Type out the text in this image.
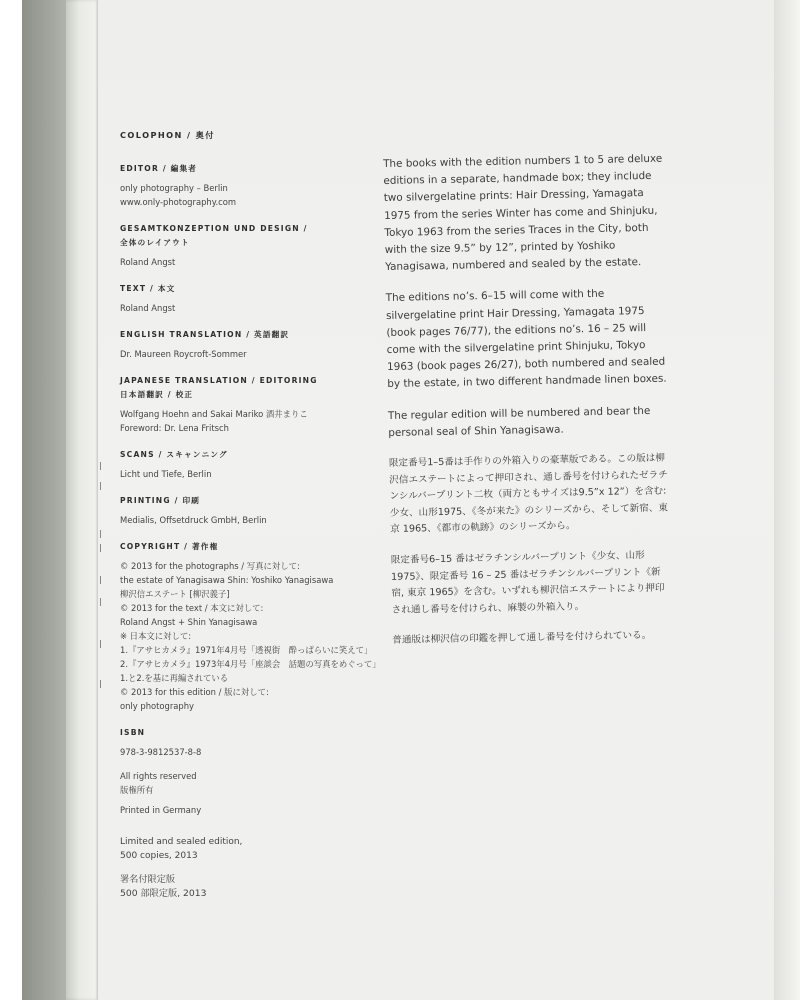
COLOPHON / 奥付
EDITOR / 編集者
only photography – Berlin
www.only-photography.com
GESAMTKONZEPTION UND DESIGN /
全体のレイアウト
Roland Angst
TEXT / 本文
Roland Angst
ENGLISH TRANSLATION / 英語翻訳
Dr. Maureen Roycroft-Sommer
JAPANESE TRANSLATION / EDITORING
日本語翻訳 / 校正
Wolfgang Hoehn and Sakai Mariko 酒井まりこ
Foreword: Dr. Lena Fritsch
SCANS / スキャンニング
Licht und Tiefe, Berlin
PRINTING / 印刷
Medialis, Offsetdruck GmbH, Berlin
COPYRIGHT / 著作権
© 2013 for the photographs / 写真に対して:
the estate of Yanagisawa Shin: Yoshiko Yanagisawa
柳沢信エステート [柳沢義子]
© 2013 for the text / 本文に対して:
Roland Angst + Shin Yanagisawa
※ 日本文に対して:
1.『アサヒカメラ』1971年4月号「透視街　酔っぱらいに笑えて」
2.『アサヒカメラ』1973年4月号「座談会　話題の写真をめぐって」
1.と2.を基に再編されている
© 2013 for this edition / 版に対して:
only photography
ISBN
978-3-9812537-8-8
All rights reserved
版権所有
Printed in Germany
Limited and sealed edition,
500 copies, 2013
署名付限定版
500 部限定版, 2013

The books with the edition numbers 1 to 5 are deluxe editions in a separate, handmade box; they include two silvergelatine prints: Hair Dressing, Yamagata 1975 from the series Winter has come and Shinjuku, Tokyo 1963 from the series Traces in the City, both with the size 9.5” by 12”, printed by Yoshiko Yanagisawa, numbered and sealed by the estate.

The editions no’s. 6–15 will come with the silvergelatine print Hair Dressing, Yamagata 1975 (book pages 76/77), the editions no’s. 16 – 25 will come with the silvergelatine print Shinjuku, Tokyo 1963 (book pages 26/27), both numbered and sealed by the estate, in two different handmade linen boxes.

The regular edition will be numbered and bear the personal seal of Shin Yanagisawa.

限定番号1–5番は手作りの外箱入りの豪華版である。この版は柳沢信エステートによって押印され、通し番号を付けられたゼラチンシルバープリント二枚（両方ともサイズは9.5”x 12”）を含む:少女、山形1975、《冬が来た》のシリーズから、そして新宿、東京 1965、《都市の軌跡》のシリーズから。

限定番号6–15 番はゼラチンシルバープリント《少女、山形 1975》、限定番号 16 – 25 番はゼラチンシルバープリント《新宿, 東京 1965》を含む。いずれも柳沢信エステートにより押印され通し番号を付けられ、麻製の外箱入り。

普通版は柳沢信の印鑑を押して通し番号を付けられている。
